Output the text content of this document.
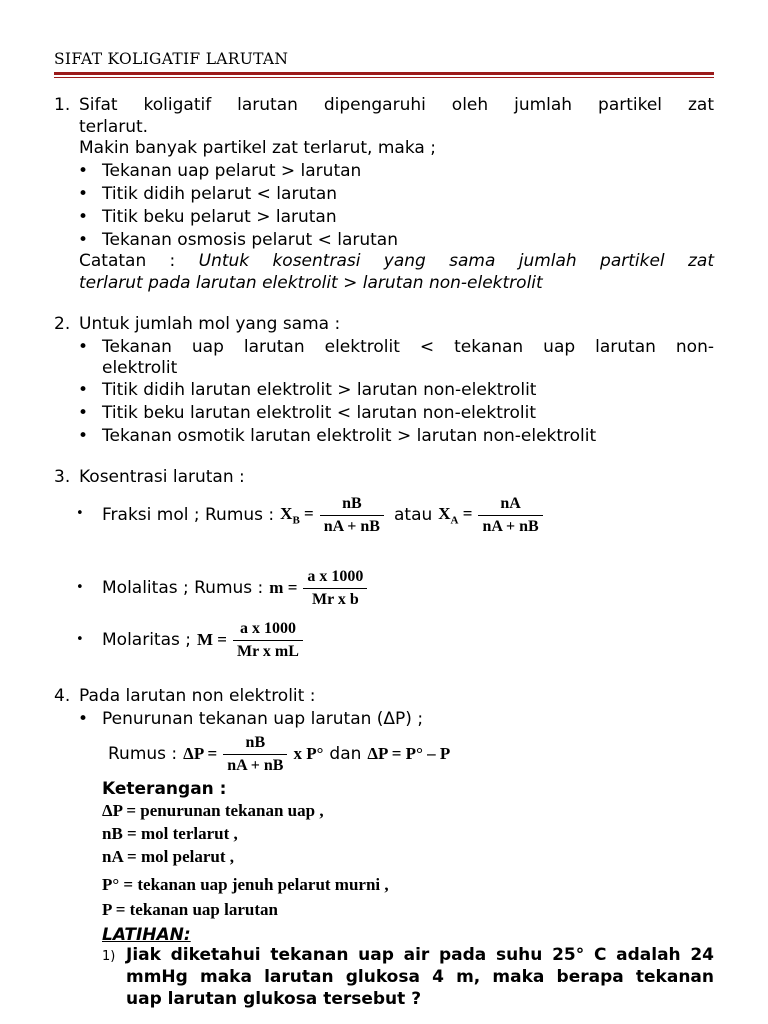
SIFAT KOLIGATIF LARUTAN
1. Sifat koligatif larutan dipengaruhi oleh jumlah partikel zat
terlarut.
Makin banyak partikel zat terlarut, maka ;
• Tekanan uap pelarut > larutan
• Titik didih pelarut < larutan
• Titik beku pelarut > larutan
• Tekanan osmosis pelarut < larutan
Catatan : Untuk kosentrasi yang sama jumlah partikel zat
terlarut pada larutan elektrolit > larutan non-elektrolit
2. Untuk jumlah mol yang sama :
• Tekanan uap larutan elektrolit < tekanan uap larutan non-
elektrolit
• Titik didih larutan elektrolit > larutan non-elektrolit
• Titik beku larutan elektrolit < larutan non-elektrolit
• Tekanan osmotik larutan elektrolit > larutan non-elektrolit
3. Kosentrasi larutan :
• Fraksi mol ; Rumus : $X_B = \frac{nB}{nA + nB}$ atau $X_A = \frac{nA}{nA + nB}$
• Molalitas ; Rumus : $m = \frac{\text{a x 1000}}{\text{Mr x b}}$
• Molaritas ; $M = \frac{\text{a x 1000}}{\text{Mr x mL}}$
4. Pada larutan non elektrolit :
• Penurunan tekanan uap larutan (ΔP) ;
Rumus : $\Delta P = \frac{nB}{nA + nB}$ x P° dan ΔP = P° – P
Keterangan :
ΔP = penurunan tekanan uap ,
nB = mol terlarut ,
nA = mol pelarut ,
P° = tekanan uap jenuh pelarut murni ,
P = tekanan uap larutan
LATIHAN:
1) Jiak diketahui tekanan uap air pada suhu 25° C adalah 24
mmHg maka larutan glukosa 4 m, maka berapa tekanan
uap larutan glukosa tersebut ?
